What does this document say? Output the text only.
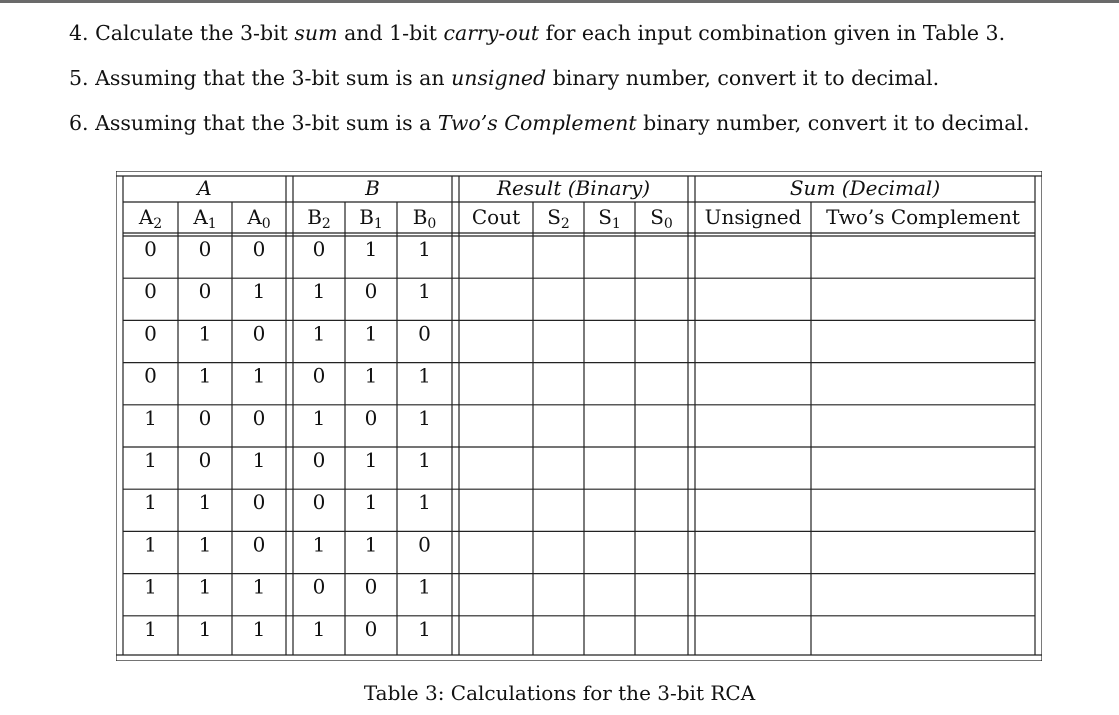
4. Calculate the 3-bit sum and 1-bit carry-out for each input combination given in Table 3.
5. Assuming that the 3-bit sum is an unsigned binary number, convert it to decimal.
6. Assuming that the 3-bit sum is a Two’s Complement binary number, convert it to decimal.
A	B	Result (Binary)	Sum (Decimal)
$A_2$ $A_1$ $A_0$ $B_2$ $B_1$ $B_0$ Cout $S_2$ $S_1$ $S_0$ Unsigned Two’s Complement
0 0 0 0 1 1
0 0 1 1 0 1
0 1 0 1 1 0
0 1 1 0 1 1
1 0 0 1 0 1
1 0 1 0 1 1
1 1 0 0 1 1
1 1 0 1 1 0
1 1 1 0 0 1
1 1 1 1 0 1
Table 3: Calculations for the 3-bit RCA
